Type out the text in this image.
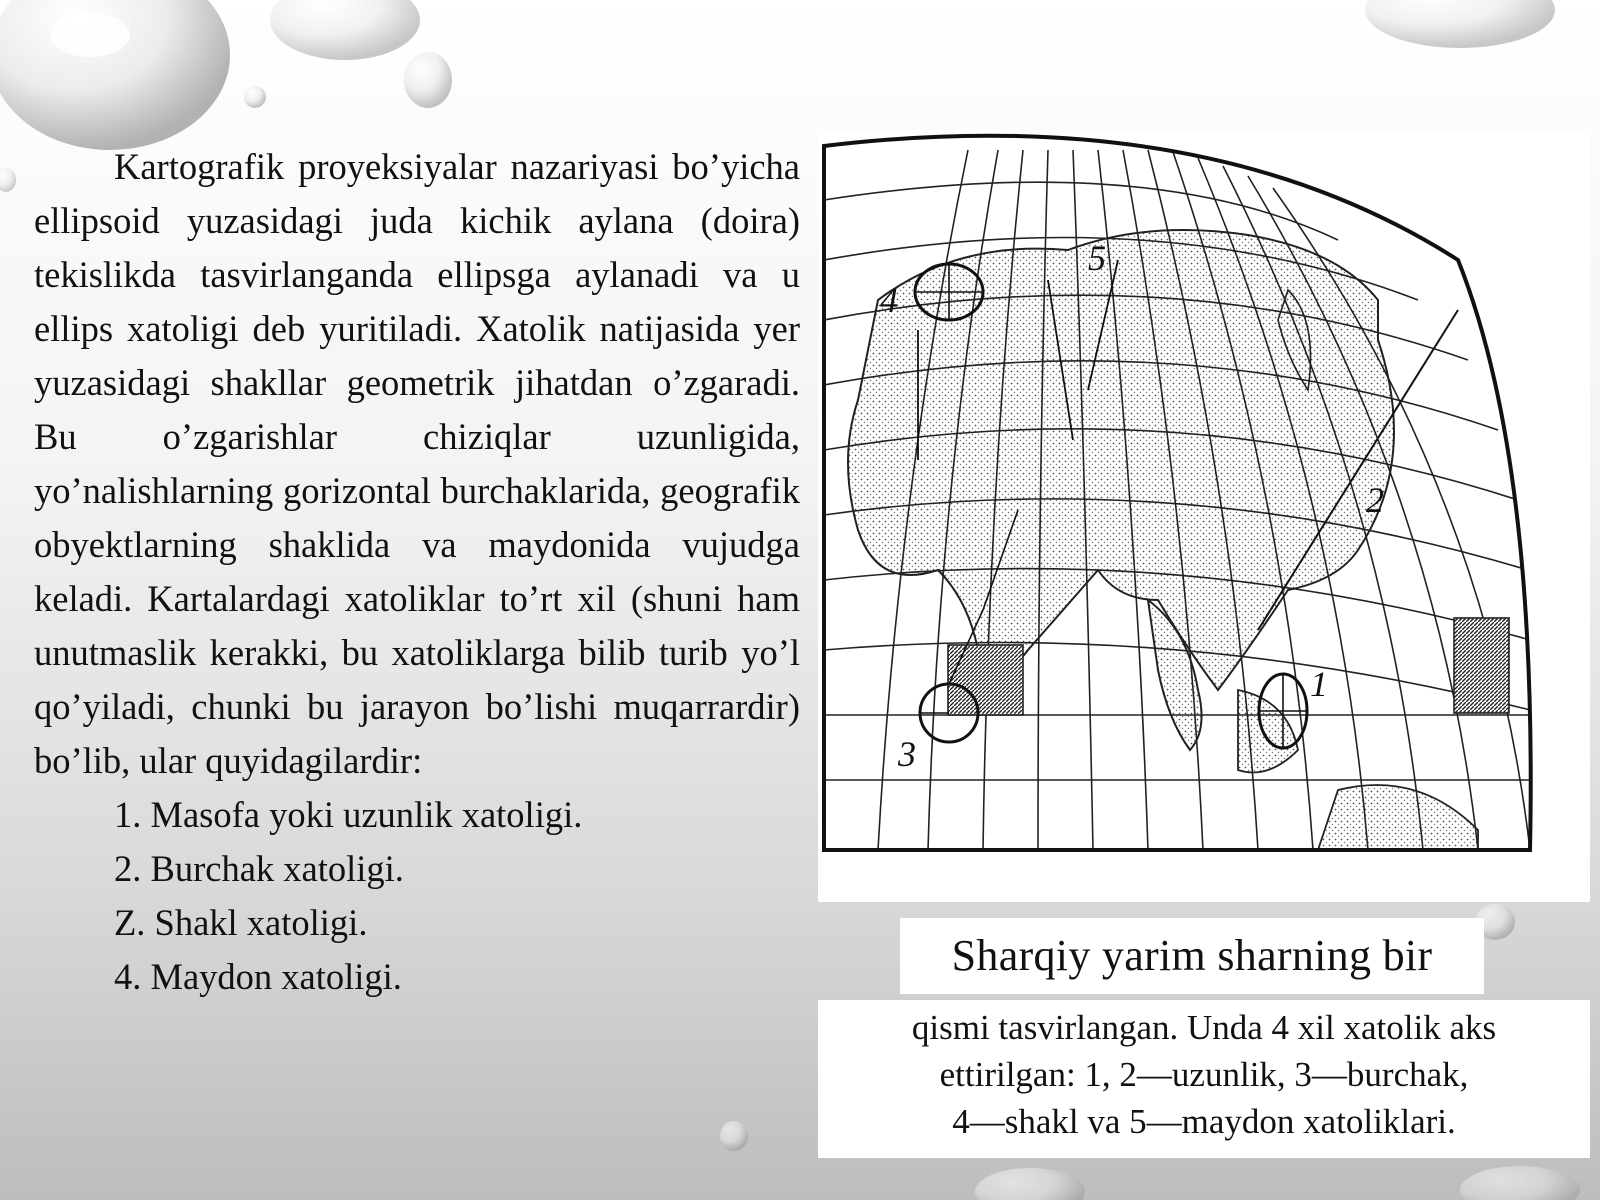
Kartografik proyeksiyalar nazariyasi bo’yicha ellipsoid yuzasidagi juda kichik aylana (doira) tekislikda tasvirlanganda ellipsga aylanadi va u ellips xatoligi deb yuritiladi. Xatolik natijasida yer yuzasidagi shakllar geometrik jihatdan o’zgaradi. Bu o’zgarishlar chiziqlar uzunligida, yo’nalishlarning gorizontal burchaklarida, geografik obyektlarning shaklida va maydonida vujudga keladi. Kartalardagi xatoliklar to’rt xil (shuni ham unutmaslik kerakki, bu xatoliklarga bilib turib yo’l qo’yiladi, chunki bu jarayon bo’lishi muqarrardir) bo’lib, ular quyidagilardir:

1. Masofa yoki uzunlik xatoligi.
2. Burchak xatoligi.
Z. Shakl xatoligi.
4. Maydon xatoligi.
4
5
2
1
3
Sharqiy yarim sharning bir
qismi tasvirlangan. Unda 4 xil xatolik aks
ettirilgan: 1, 2—uzunlik, 3—burchak,
4—shakl va 5—maydon xatoliklari.
